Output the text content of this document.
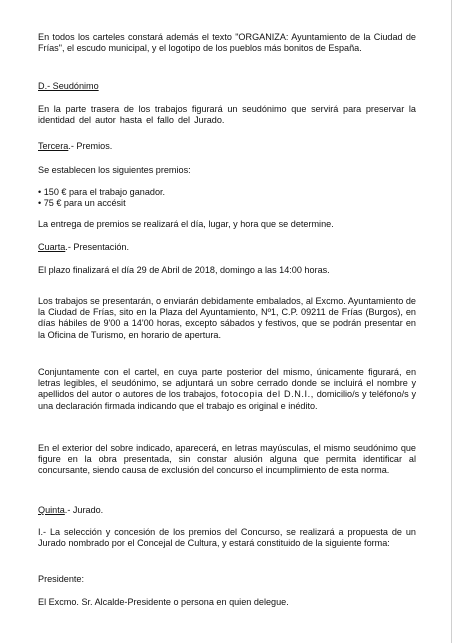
En todos los carteles constará además el texto "ORGANIZA: Ayuntamiento de la Ciudad de Frías", el escudo municipal, y el logotipo de los pueblos más bonitos de España.

D.- Seudónimo

En la parte trasera de los trabajos figurará un seudónimo que servirá para preservar la identidad del autor hasta el fallo del Jurado.

Tercera.- Premios.

Se establecen los siguientes premios:

• 150 € para el trabajo ganador.
• 75 € para un accésit

La entrega de premios se realizará el día, lugar, y hora que se determine.

Cuarta.- Presentación.

El plazo finalizará el día 29 de Abril de 2018, domingo a las 14:00 horas.

Los trabajos se presentarán, o enviarán debidamente embalados, al Excmo. Ayuntamiento de la Ciudad de Frías, sito en la Plaza del Ayuntamiento, Nº1, C.P. 09211 de Frías (Burgos), en días hábiles de 9'00 a 14'00 horas, excepto sábados y festivos, que se podrán presentar en la Oficina de Turismo, en horario de apertura.

Conjuntamente con el cartel, en cuya parte posterior del mismo, únicamente figurará, en letras legibles, el seudónimo, se adjuntará un sobre cerrado donde se incluirá el nombre y apellidos del autor o autores de los trabajos, fotocopia del D.N.I., domicilio/s y teléfono/s y una declaración firmada indicando que el trabajo es original e inédito.

En el exterior del sobre indicado, aparecerá, en letras mayúsculas, el mismo seudónimo que figure en la obra presentada, sin constar alusión alguna que permita identificar al concursante, siendo causa de exclusión del concurso el incumplimiento de esta norma.

Quinta.- Jurado.

I.- La selección y concesión de los premios del Concurso, se realizará a propuesta de un Jurado nombrado por el Concejal de Cultura, y estará constituido de la siguiente forma:

Presidente:

El Excmo. Sr. Alcalde-Presidente o persona en quien delegue.
